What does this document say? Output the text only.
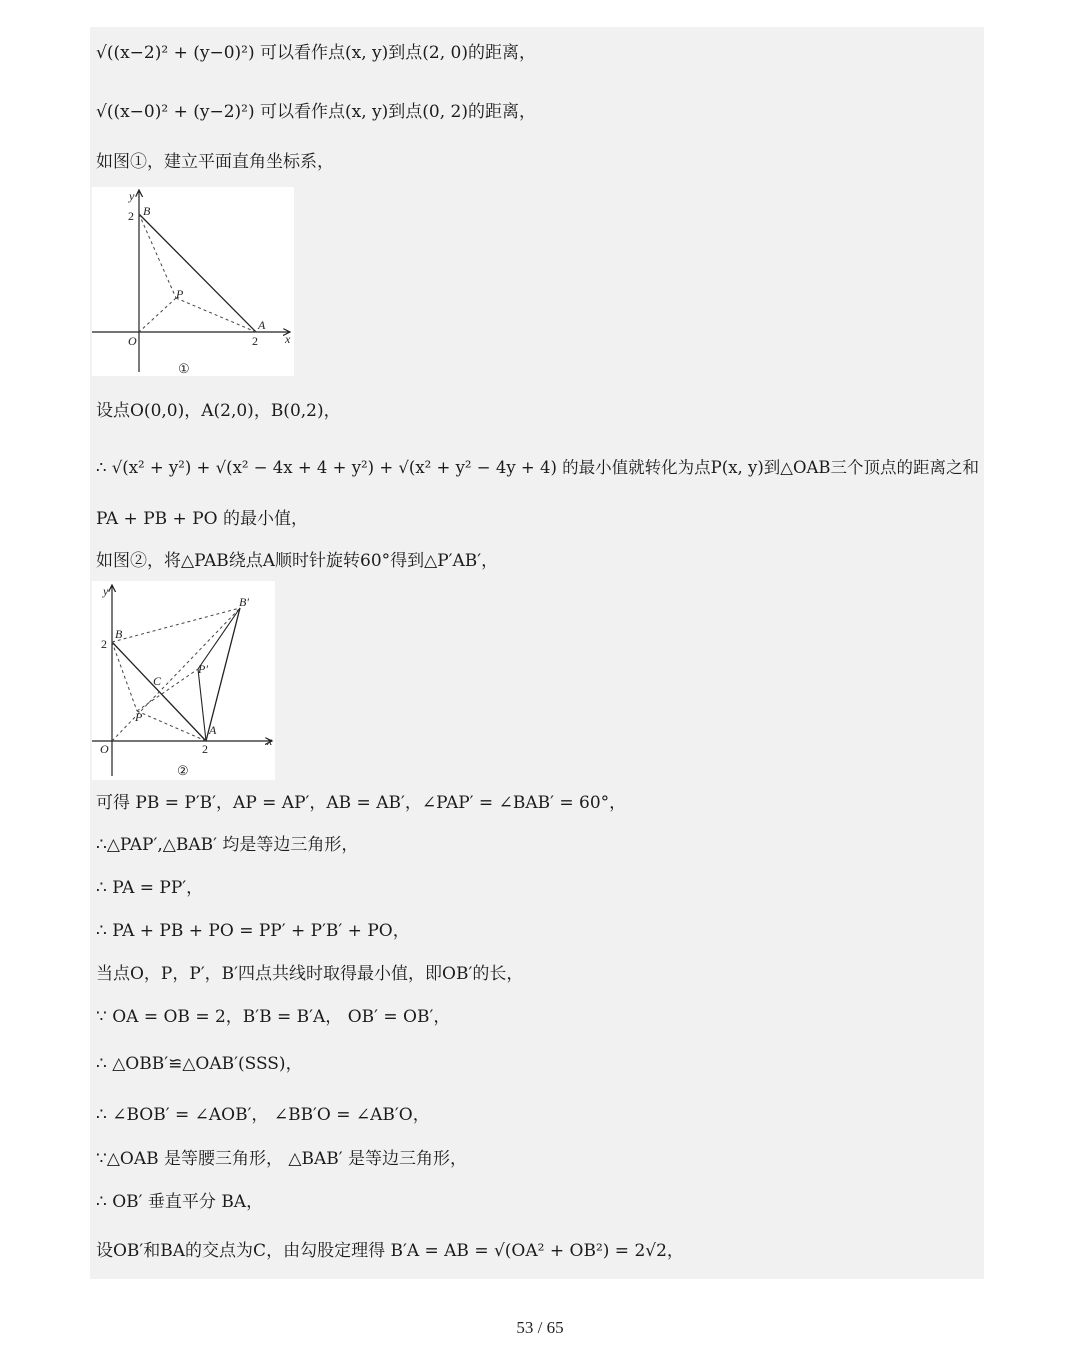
√((x−2)² + (y−0)²) 可以看作点(x, y)到点(2, 0)的距离，
√((x−0)² + (y−2)²) 可以看作点(x, y)到点(0, 2)的距离，
如图①，建立平面直角坐标系，
y
x
B
2
P
A
2
O
①
设点O(0,0)，A(2,0)，B(0,2)，
∴ √(x² + y²) + √(x² − 4x + 4 + y²) + √(x² + y² − 4y + 4) 的最小值就转化为点P(x, y)到△OAB三个顶点的距离之和
PA + PB + PO 的最小值，
如图②，将△PAB绕点A顺时针旋转60°得到△P′AB′，
y
x
B
2
B′
P′
C
P
A
2
O
②
可得 PB = P′B′，AP = AP′，AB = AB′，∠PAP′ = ∠BAB′ = 60°，
∴△PAP′,△BAB′ 均是等边三角形，
∴ PA = PP′，
∴ PA + PB + PO = PP′ + P′B′ + PO，
当点O，P，P′，B′四点共线时取得最小值，即OB′的长，
∵ OA = OB = 2，B′B = B′A， OB′ = OB′，
∴ △OBB′≌△OAB′(SSS)，
∴ ∠BOB′ = ∠AOB′， ∠BB′O = ∠AB′O，
∵△OAB 是等腰三角形， △BAB′ 是等边三角形，
∴ OB′ 垂直平分 BA，
设OB′和BA的交点为C，由勾股定理得 B′A = AB = √(OA² + OB²) = 2√2，
53 / 65
